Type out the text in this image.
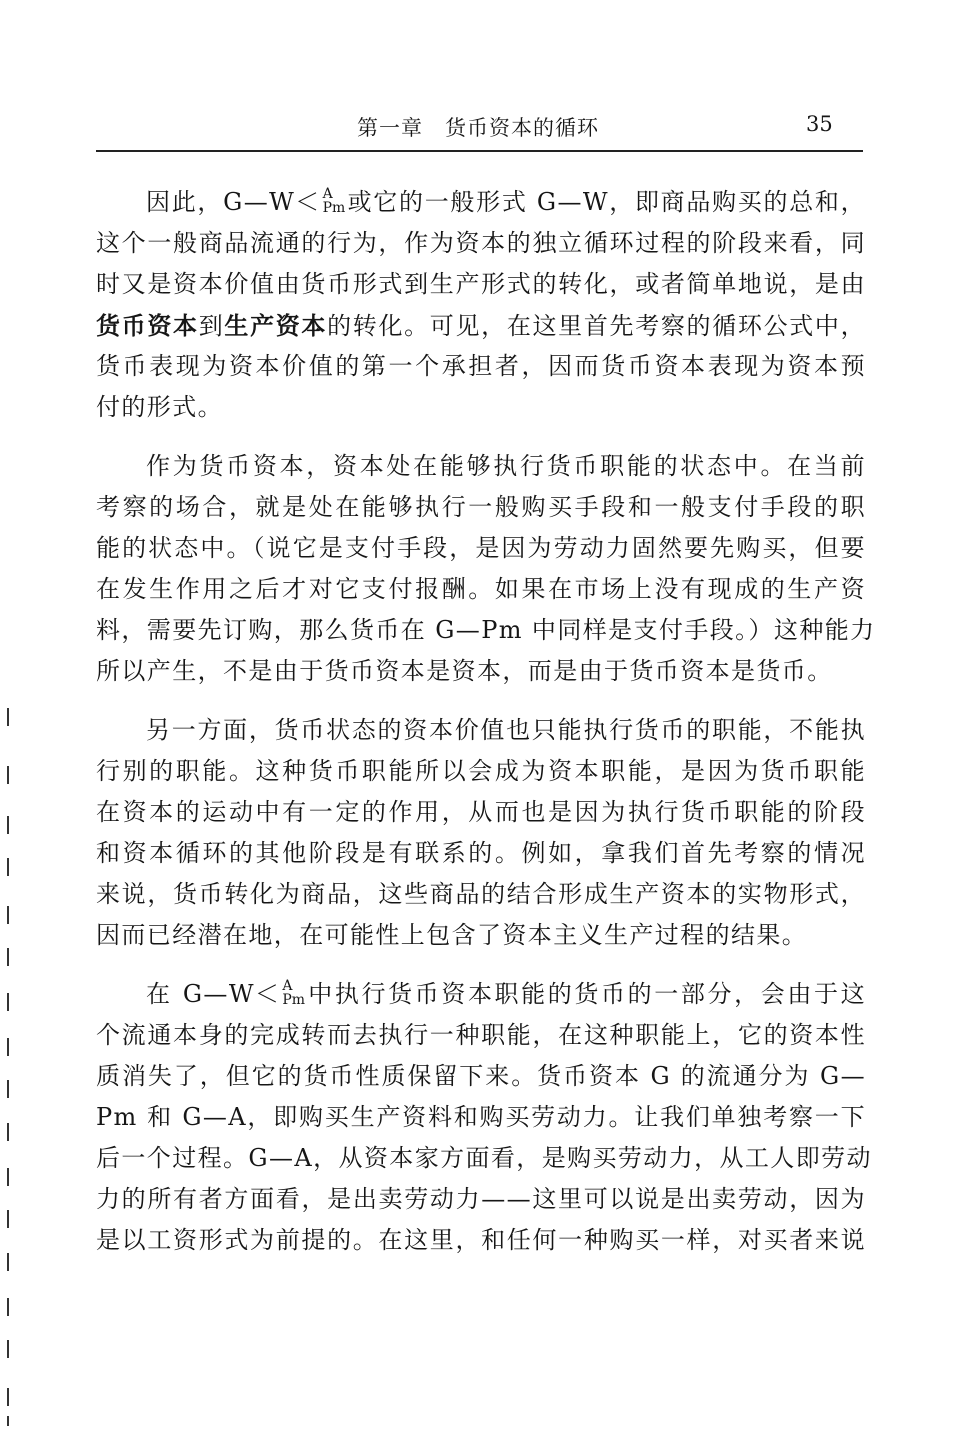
第一章　货币资本的循环	35
因此，G—W＜ A
Pm 或它的一般形式 G—W，即商品购买的总和，
这个一般商品流通的行为，作为资本的独立循环过程的阶段来看，同
时又是资本价值由货币形式到生产形式的转化，或者简单地说，是由
货币资本到生产资本的转化。可见，在这里首先考察的循环公式中，
货币表现为资本价值的第一个承担者，因而货币资本表现为资本预
付的形式。
作为货币资本，资本处在能够执行货币职能的状态中。在当前
考察的场合，就是处在能够执行一般购买手段和一般支付手段的职
能的状态中。（说它是支付手段，是因为劳动力固然要先购买，但要
在发生作用之后才对它支付报酬。如果在市场上没有现成的生产资
料，需要先订购，那么货币在 G—Pm 中同样是支付手段。）这种能力
所以产生，不是由于货币资本是资本，而是由于货币资本是货币。
另一方面，货币状态的资本价值也只能执行货币的职能，不能执
行别的职能。这种货币职能所以会成为资本职能，是因为货币职能
在资本的运动中有一定的作用，从而也是因为执行货币职能的阶段
和资本循环的其他阶段是有联系的。例如，拿我们首先考察的情况
来说，货币转化为商品，这些商品的结合形成生产资本的实物形式，
因而已经潜在地，在可能性上包含了资本主义生产过程的结果。
在 G—W＜ A
Pm 中执行货币资本职能的货币的一部分，会由于这
个流通本身的完成转而去执行一种职能，在这种职能上，它的资本性
质消失了，但它的货币性质保留下来。货币资本 G 的流通分为 G—
Pm 和 G—A，即购买生产资料和购买劳动力。让我们单独考察一下
后一个过程。G—A，从资本家方面看，是购买劳动力，从工人即劳动
力的所有者方面看，是出卖劳动力——这里可以说是出卖劳动，因为
是以工资形式为前提的。在这里，和任何一种购买一样，对买者来说
